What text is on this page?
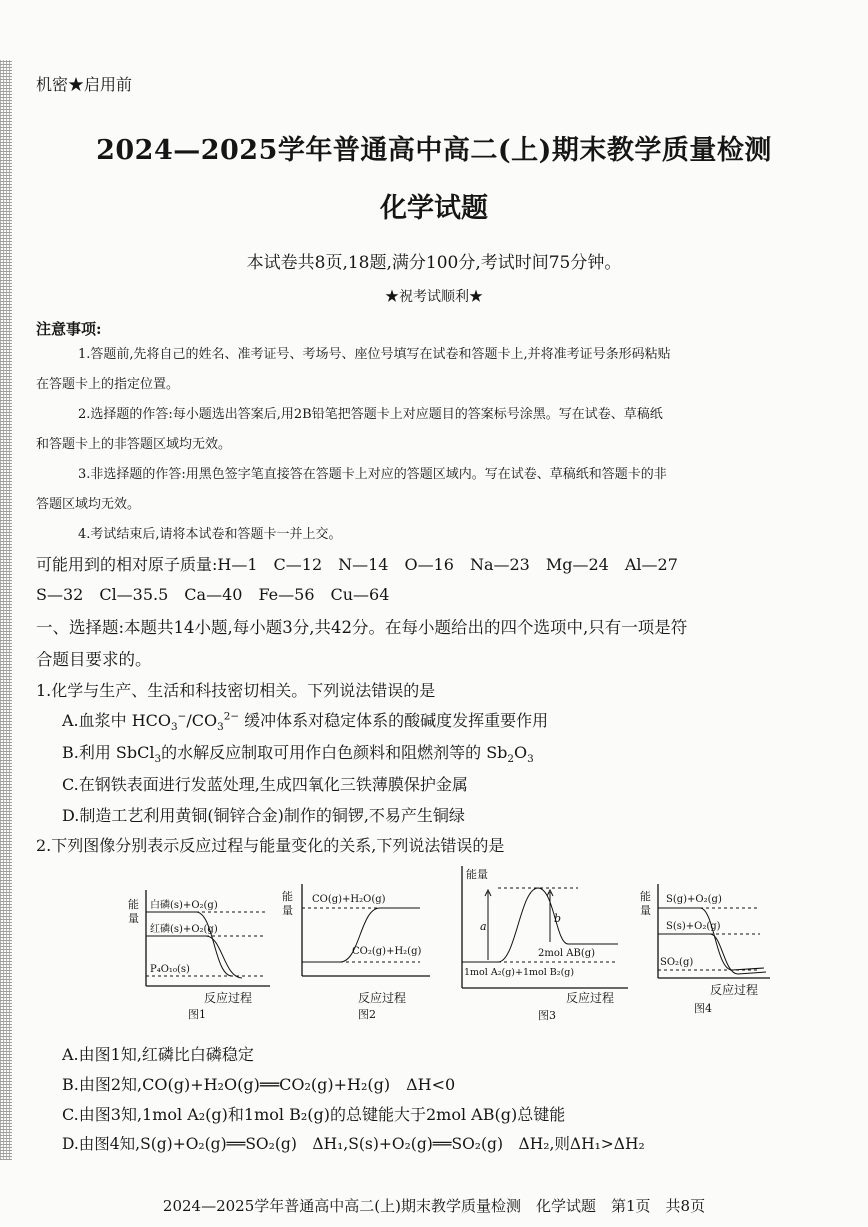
机密★启用前
2024—2025学年普通高中高二(上)期末教学质量检测
化学试题
本试卷共8页,18题,满分100分,考试时间75分钟。
★祝考试顺利★
注意事项:
1.答题前,先将自己的姓名、准考证号、考场号、座位号填写在试卷和答题卡上,并将准考证号条形码粘贴
在答题卡上的指定位置。
2.选择题的作答:每小题选出答案后,用2B铅笔把答题卡上对应题目的答案标号涂黑。写在试卷、草稿纸
和答题卡上的非答题区域均无效。
3.非选择题的作答:用黑色签字笔直接答在答题卡上对应的答题区域内。写在试卷、草稿纸和答题卡的非
答题区域均无效。
4.考试结束后,请将本试卷和答题卡一并上交。
可能用到的相对原子质量:H—1　C—12　N—14　O—16　Na—23　Mg—24　Al—27
S—32　Cl—35.5　Ca—40　Fe—56　Cu—64
一、选择题:本题共14小题,每小题3分,共42分。在每小题给出的四个选项中,只有一项是符
合题目要求的。
1.化学与生产、生活和科技密切相关。下列说法错误的是
A.血浆中 $HCO_3^-/CO_3^{2-}$ 缓冲体系对稳定体系的酸碱度发挥重要作用
B.利用 SbCl$_3$的水解反应制取可用作白色颜料和阻燃剂等的 $Sb_2O_3$
C.在钢铁表面进行发蓝处理,生成四氧化三铁薄膜保护金属
D.制造工艺利用黄铜(铜锌合金)制作的铜锣,不易产生铜绿
2.下列图像分别表示反应过程与能量变化的关系,下列说法错误的是
能
量
白磷(s)+O₂(g)
红磷(s)+O₂(g)
P₄O₁₀(s)
反应过程
图1
能
量
CO(g)+H₂O(g)
CO₂(g)+H₂(g)
反应过程
图2
能量
a
b
2mol AB(g)
1mol A₂(g)+1mol B₂(g)
反应过程
图3
能
量
S(g)+O₂(g)
S(s)+O₂(g)
SO₂(g)
反应过程
图4
A.由图1知,红磷比白磷稳定
B.由图2知,CO(g)+H₂O(g)══CO₂(g)+H₂(g)　ΔH<0
C.由图3知,1mol A₂(g)和1mol B₂(g)的总键能大于2mol AB(g)总键能
D.由图4知,S(g)+O₂(g)══SO₂(g)　ΔH₁,S(s)+O₂(g)══SO₂(g)　ΔH₂,则ΔH₁>ΔH₂
2024—2025学年普通高中高二(上)期末教学质量检测　化学试题　第1页　共8页
